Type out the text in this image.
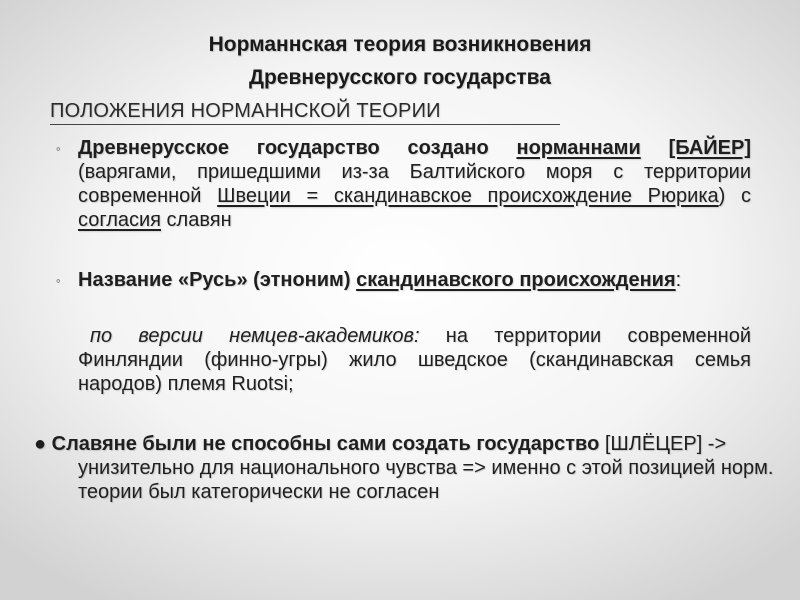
Норманнская теория возникновения
Древнерусского государства
ПОЛОЖЕНИЯ НОРМАННСКОЙ ТЕОРИИ
◦ Древнерусское государство создано норманнами [БАЙЕР] (варягами, пришедшими из-за Балтийского моря с территории современной Швеции = скандинавское происхождение Рюрика) с согласия славян
◦ Название «Русь» (этноним) скандинавского происхождения:
по версии немцев-академиков: на территории современной Финляндии (финно-угры) жило шведское (скандинавская семья народов) племя Ruotsi;
● Славяне были не способны сами создать государство [ШЛЁЦЕР] -> унизительно для национального чувства => именно с этой позицией норм. теории был категорически не согласен
